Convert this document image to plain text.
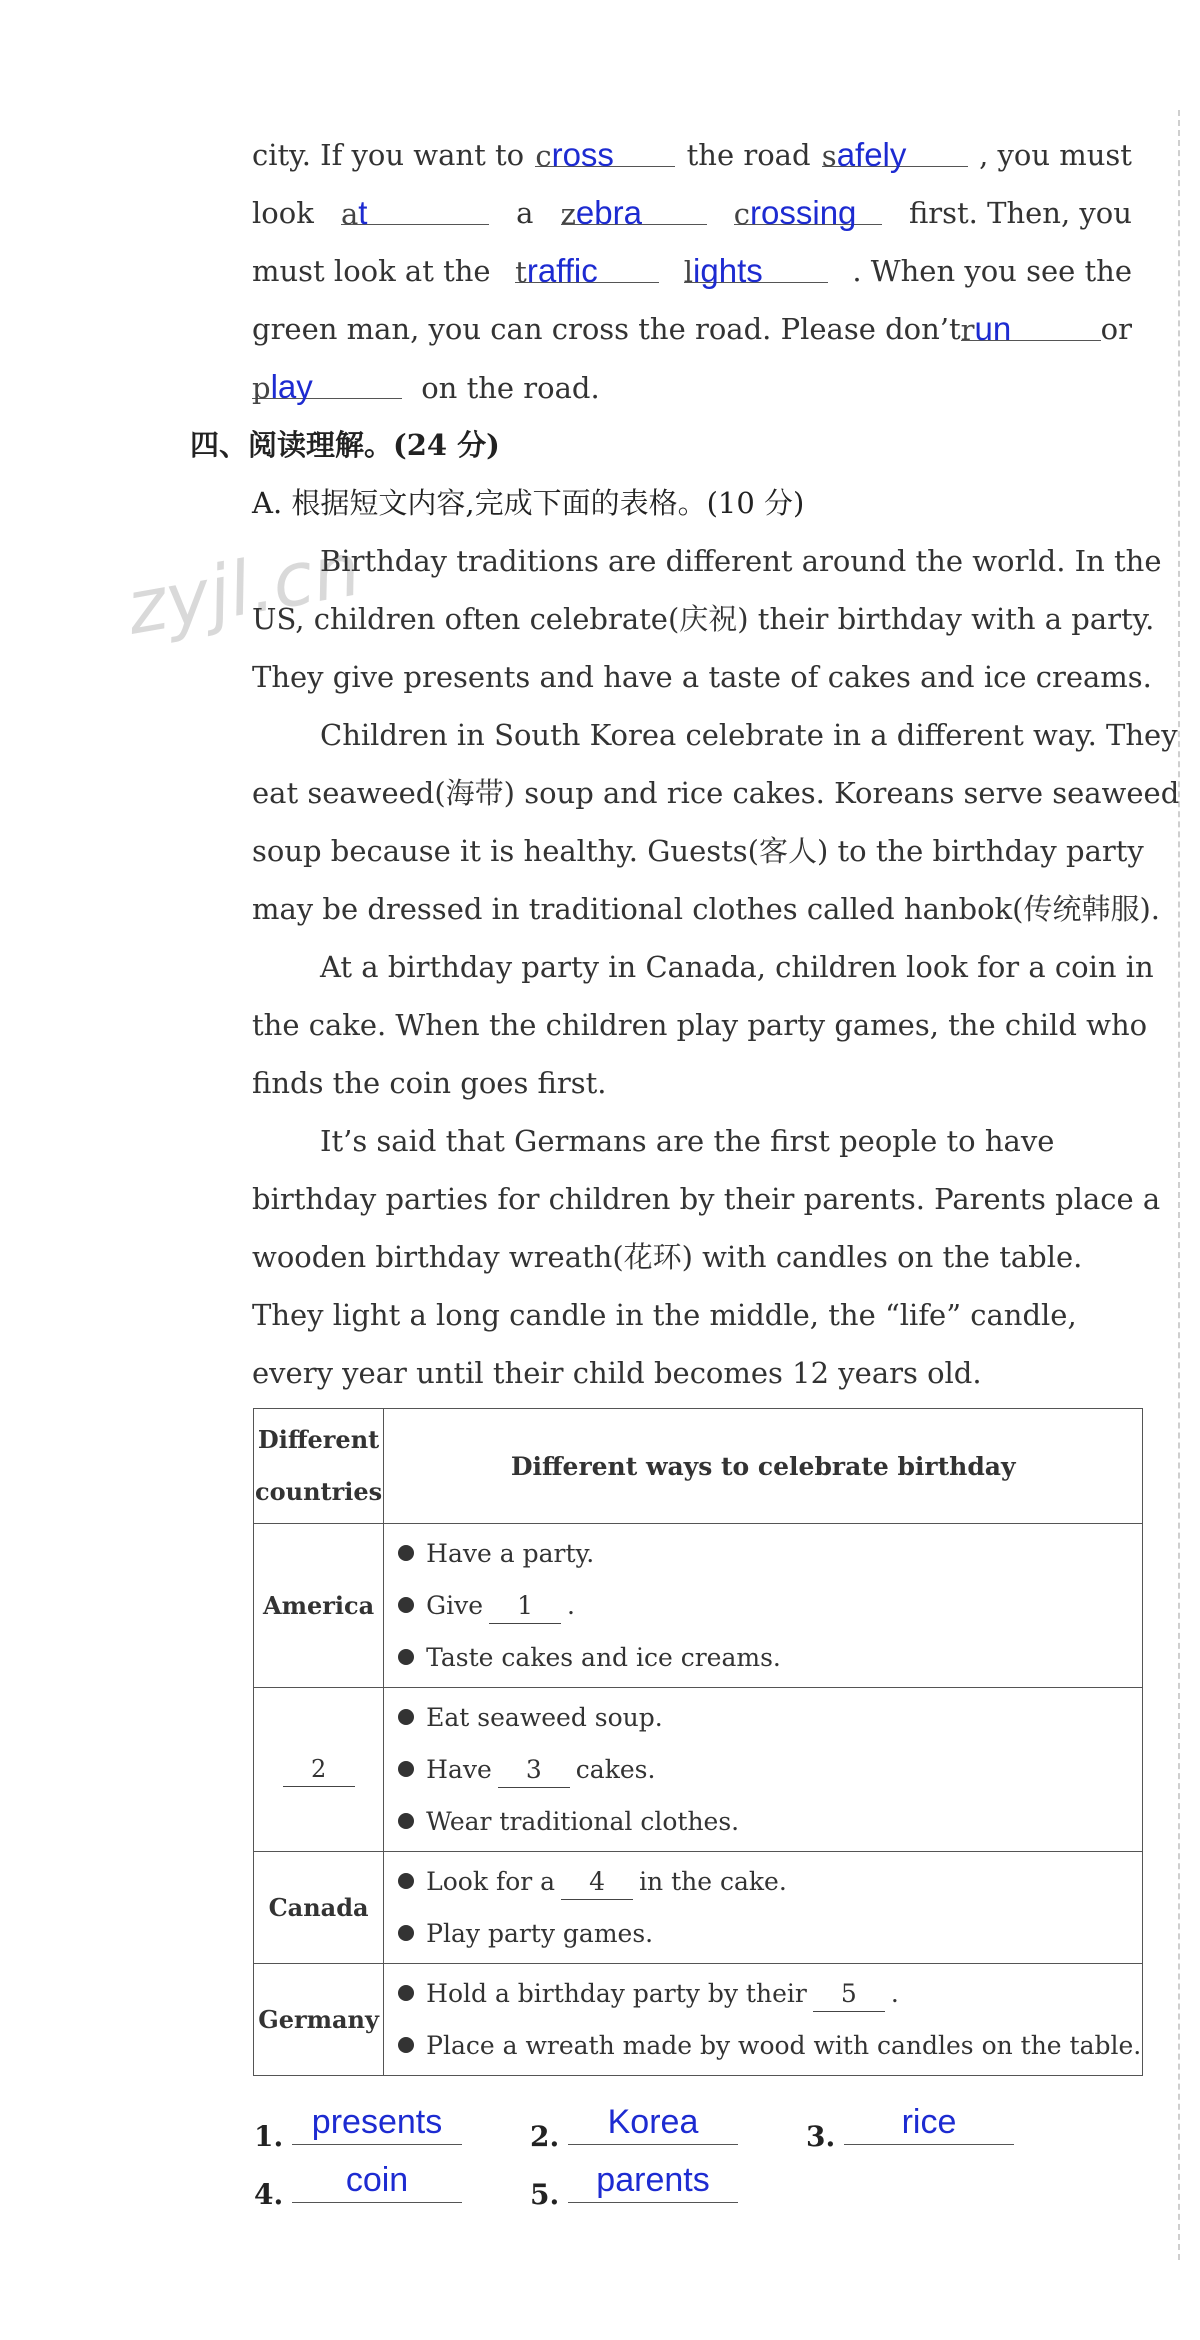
city. If you want to cross	the road safely	, you must
look at	a zebra	crossing	first. Then, you
must look at the traffic	lights	. When you see the
green man, you can cross the road. Please don’t run	or
play	on the road.
四、阅读理解。(24 分)
A. 根据短文内容,完成下面的表格。(10 分)
zyjl.cn
Birthday traditions are different around the world. In the
US, children often celebrate(庆祝) their birthday with a party.
They give presents and have a taste of cakes and ice creams.
Children in South Korea celebrate in a different way. They
eat seaweed(海带) soup and rice cakes. Koreans serve seaweed
soup because it is healthy. Guests(客人) to the birthday party
may be dressed in traditional clothes called hanbok(传统韩服).
At a birthday party in Canada, children look for a coin in
the cake. When the children play party games, the child who
finds the coin goes first.
It’s said that Germans are the first people to have
birthday parties for children by their parents. Parents place a
wooden birthday wreath(花环) with candles on the table.
They light a long candle in the middle, the “life” candle,
every year until their child becomes 12 years old.
Different
countries	Different ways to celebrate birthday
America	Have a party.
Give 1 .
Taste cakes and ice creams.

2	Eat seaweed soup.
Have 3 cakes.
Wear traditional clothes.

Canada	Look for a 4 in the cake.
Play party games.

Germany	Hold a birthday party by their 5 .
Place a wreath made by wood with candles on the table.
1. presents	2.	Korea	3.	rice
4.	coin	5.	parents
